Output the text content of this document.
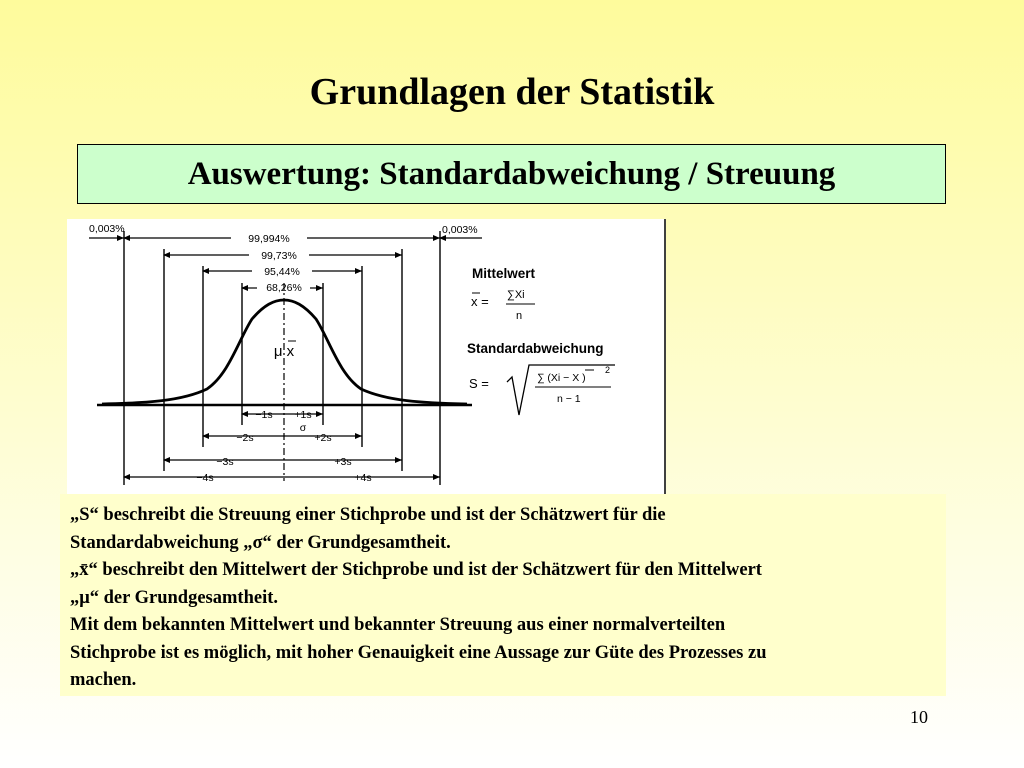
Grundlagen der Statistik
Auswertung: Standardabweichung / Streuung
0,003%	0,003%
99,994%
99,73%
95,44%
68,26%
μ x
−1s +1s
σ
−2s	+2s
−3s	+3s
−4s	+4s
Mittelwert
x = ∑Xi
n
Standardabweichung
S =	∑ (Xi − X )
2
n − 1

„S“ beschreibt die Streuung einer Stichprobe und ist der Schätzwert für die

Standardabweichung „σ“ der Grundgesamtheit.

„x̄“ beschreibt den Mittelwert der Stichprobe und ist der Schätzwert für den Mittelwert

„μ“ der Grundgesamtheit.

Mit dem bekannten Mittelwert und bekannter Streuung aus einer normalverteilten

Stichprobe ist es möglich, mit hoher Genauigkeit eine Aussage zur Güte des Prozesses zu

machen.

10
